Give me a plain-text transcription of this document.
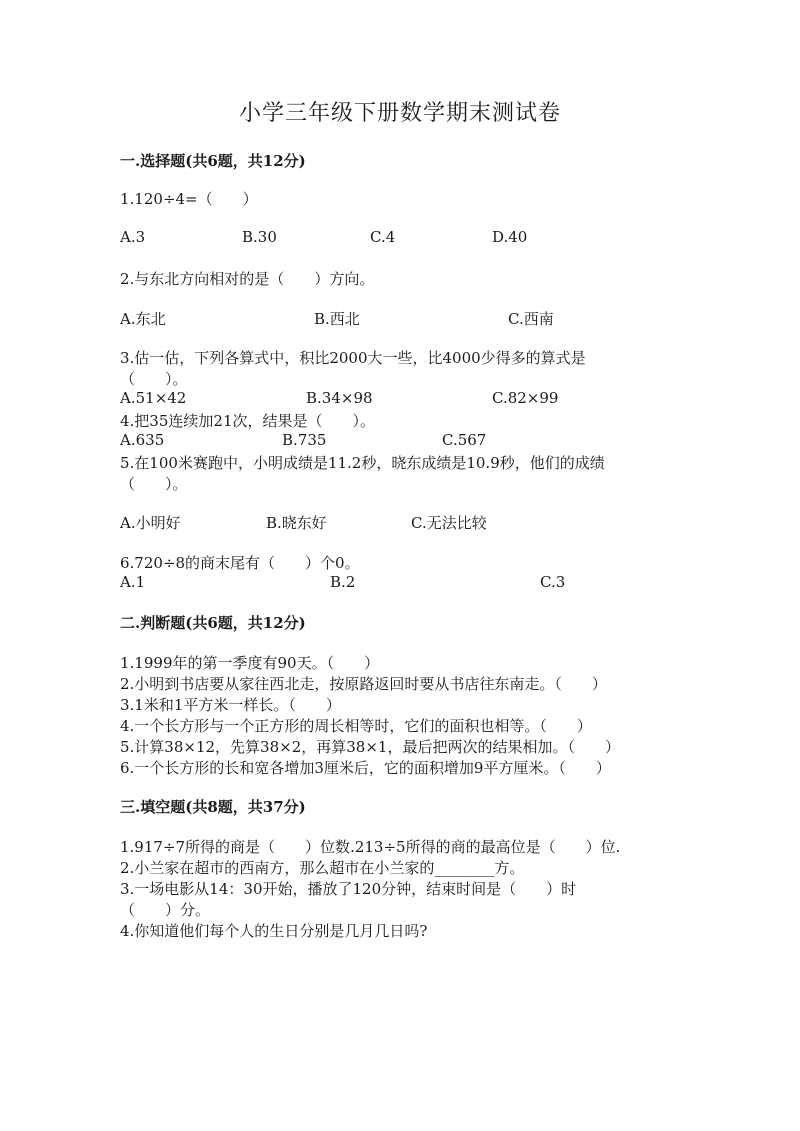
小学三年级下册数学期末测试卷
一.选择题(共6题，共12分)
1.120÷4=（　　）
A.3	B.30	C.4	D.40
2.与东北方向相对的是（　　）方向。
A.东北	B.西北	C.西南
3.估一估，下列各算式中，积比2000大一些，比4000少得多的算式是
（　　）。
A.51×42	B.34×98	C.82×99
4.把35连续加21次，结果是（　　）。
A.635	B.735	C.567
5.在100米赛跑中，小明成绩是11.2秒，晓东成绩是10.9秒，他们的成绩
（　　）。
A.小明好	B.晓东好	C.无法比较
6.720÷8的商末尾有（　　）个0。
A.1	B.2	C.3
二.判断题(共6题，共12分)
1.1999年的第一季度有90天。（　　）
2.小明到书店要从家往西北走，按原路返回时要从书店往东南走。（　　）
3.1米和1平方米一样长。（　　）
4.一个长方形与一个正方形的周长相等时，它们的面积也相等。（　　）
5.计算38×12，先算38×2，再算38×1，最后把两次的结果相加。（　　）
6.一个长方形的长和宽各增加3厘米后，它的面积增加9平方厘米。（　　）
三.填空题(共8题，共37分)
1.917÷7所得的商是（　　）位数.213÷5所得的商的最高位是（　　）位.
2.小兰家在超市的西南方，那么超市在小兰家的________方。
3.一场电影从14：30开始，播放了120分钟，结束时间是（　　）时
（　　）分。
4.你知道他们每个人的生日分别是几月几日吗?
